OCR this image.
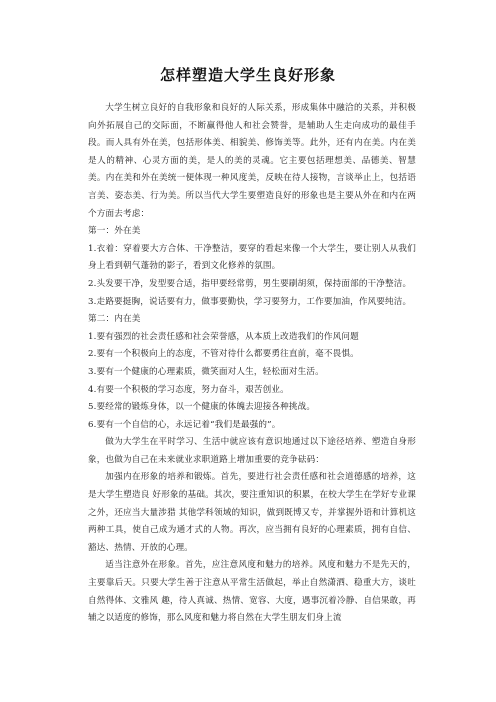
怎样塑造大学生良好形象

大学生树立良好的自我形象和良好的人际关系，形成集体中融洽的关系，并积极向外拓展自己的交际面，不断赢得他人和社会赞誉，是辅助人生走向成功的最佳手段。而人具有外在美，包括形体美、相貌美、修饰美等。此外，还有内在美。内在美是人的精神、心灵方面的美，是人的美的灵魂。它主要包括理想美、品德美、智慧美。内在美和外在美统一便体现一种风度美，反映在待人接物，言谈举止上，包括语言美、姿态美、行为美。所以当代大学生要塑造良好的形象也是主要从外在和内在两个方面去考虑：

第一：外在美

1.衣着：穿着要大方合体、干净整洁，要穿的看起来像一个大学生，要让别人从我们身上看到朝气蓬勃的影子，看到文化修养的氛围。

2.头发要干净，发型要合适，指甲要经常剪，男生要刷胡须，保持面部的干净整洁。

3.走路要挺胸，说话要有力，做事要勤快，学习要努力，工作要加油，作风要纯洁。

第二：内在美

1.要有强烈的社会责任感和社会荣誉感，从本质上改造我们的作风问题

2.要有一个积极向上的态度，不管对待什么都要勇往直前，毫不畏惧。

3.要有一个健康的心理素质，微笑面对人生，轻松面对生活。

4.有要一个积极的学习态度，努力奋斗，艰苦创业。

5.要经常的锻炼身体，以一个健康的体魄去迎接各种挑战。

6.要有一个自信的心，永远记着“我们是最强的”。

做为大学生在平时学习、生活中就应该有意识地通过以下途径培养、塑造自身形象，也做为自己在未来就业求职道路上增加重要的竞争砝码：

加强内在形象的培养和锻炼。首先，要进行社会责任感和社会道德感的培养，这是大学生塑造良 好形象的基础。其次，要注重知识的积累，在校大学生在学好专业课之外，还应当大量涉猎 其他学科领域的知识，做到既博又专，并掌握外语和计算机这两种工具，使自己成为通才式的人物。再次，应当拥有良好的心理素质，拥有自信、豁达、热情、开放的心理。

适当注意外在形象。首先，应注意风度和魅力的培养。风度和魅力不是先天的，主要靠后天。只要大学生善于注意从平常生活做起，举止自然潇洒、稳重大方，谈吐自然得体、文雅风 趣，待人真诚、热情、宽容、大度，遇事沉着冷静、自信果敢，再辅之以适度的修饰，那么风度和魅力将自然在大学生朋友们身上流
